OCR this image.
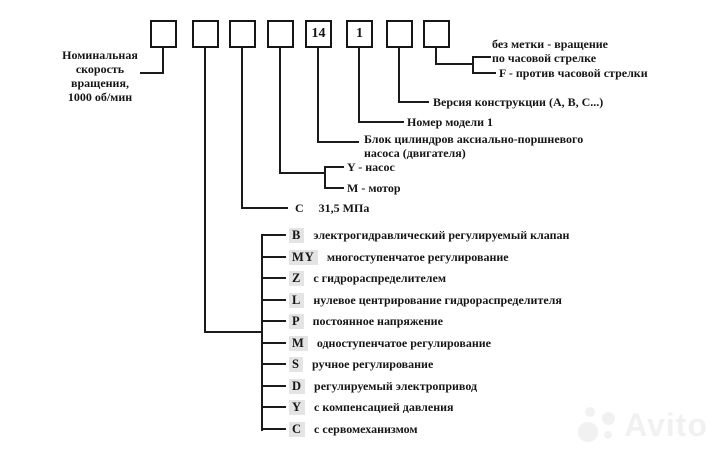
14	1
Номинальная
скорость
вращения,
1000 об/мин
без метки - вращение
по часовой стрелке
F - против часовой стрелки
Версия конструкции (А, В, С...)
Номер модели 1
Блок цилиндров аксиально-поршневого
насоса (двигателя)
Y - насос
M - мотор
C 31,5 МПа
B электрогидравлический регулируемый клапан
MY многоступенчатое регулирование
Z с гидрораспределителем
L нулевое центрирование гидрораспределителя
P постоянное напряжение
M одноступенчатое регулирование
S ручное регулирование
D регулируемый электропривод
Y с компенсацией давления
C с сервомеханизмом	Avito
